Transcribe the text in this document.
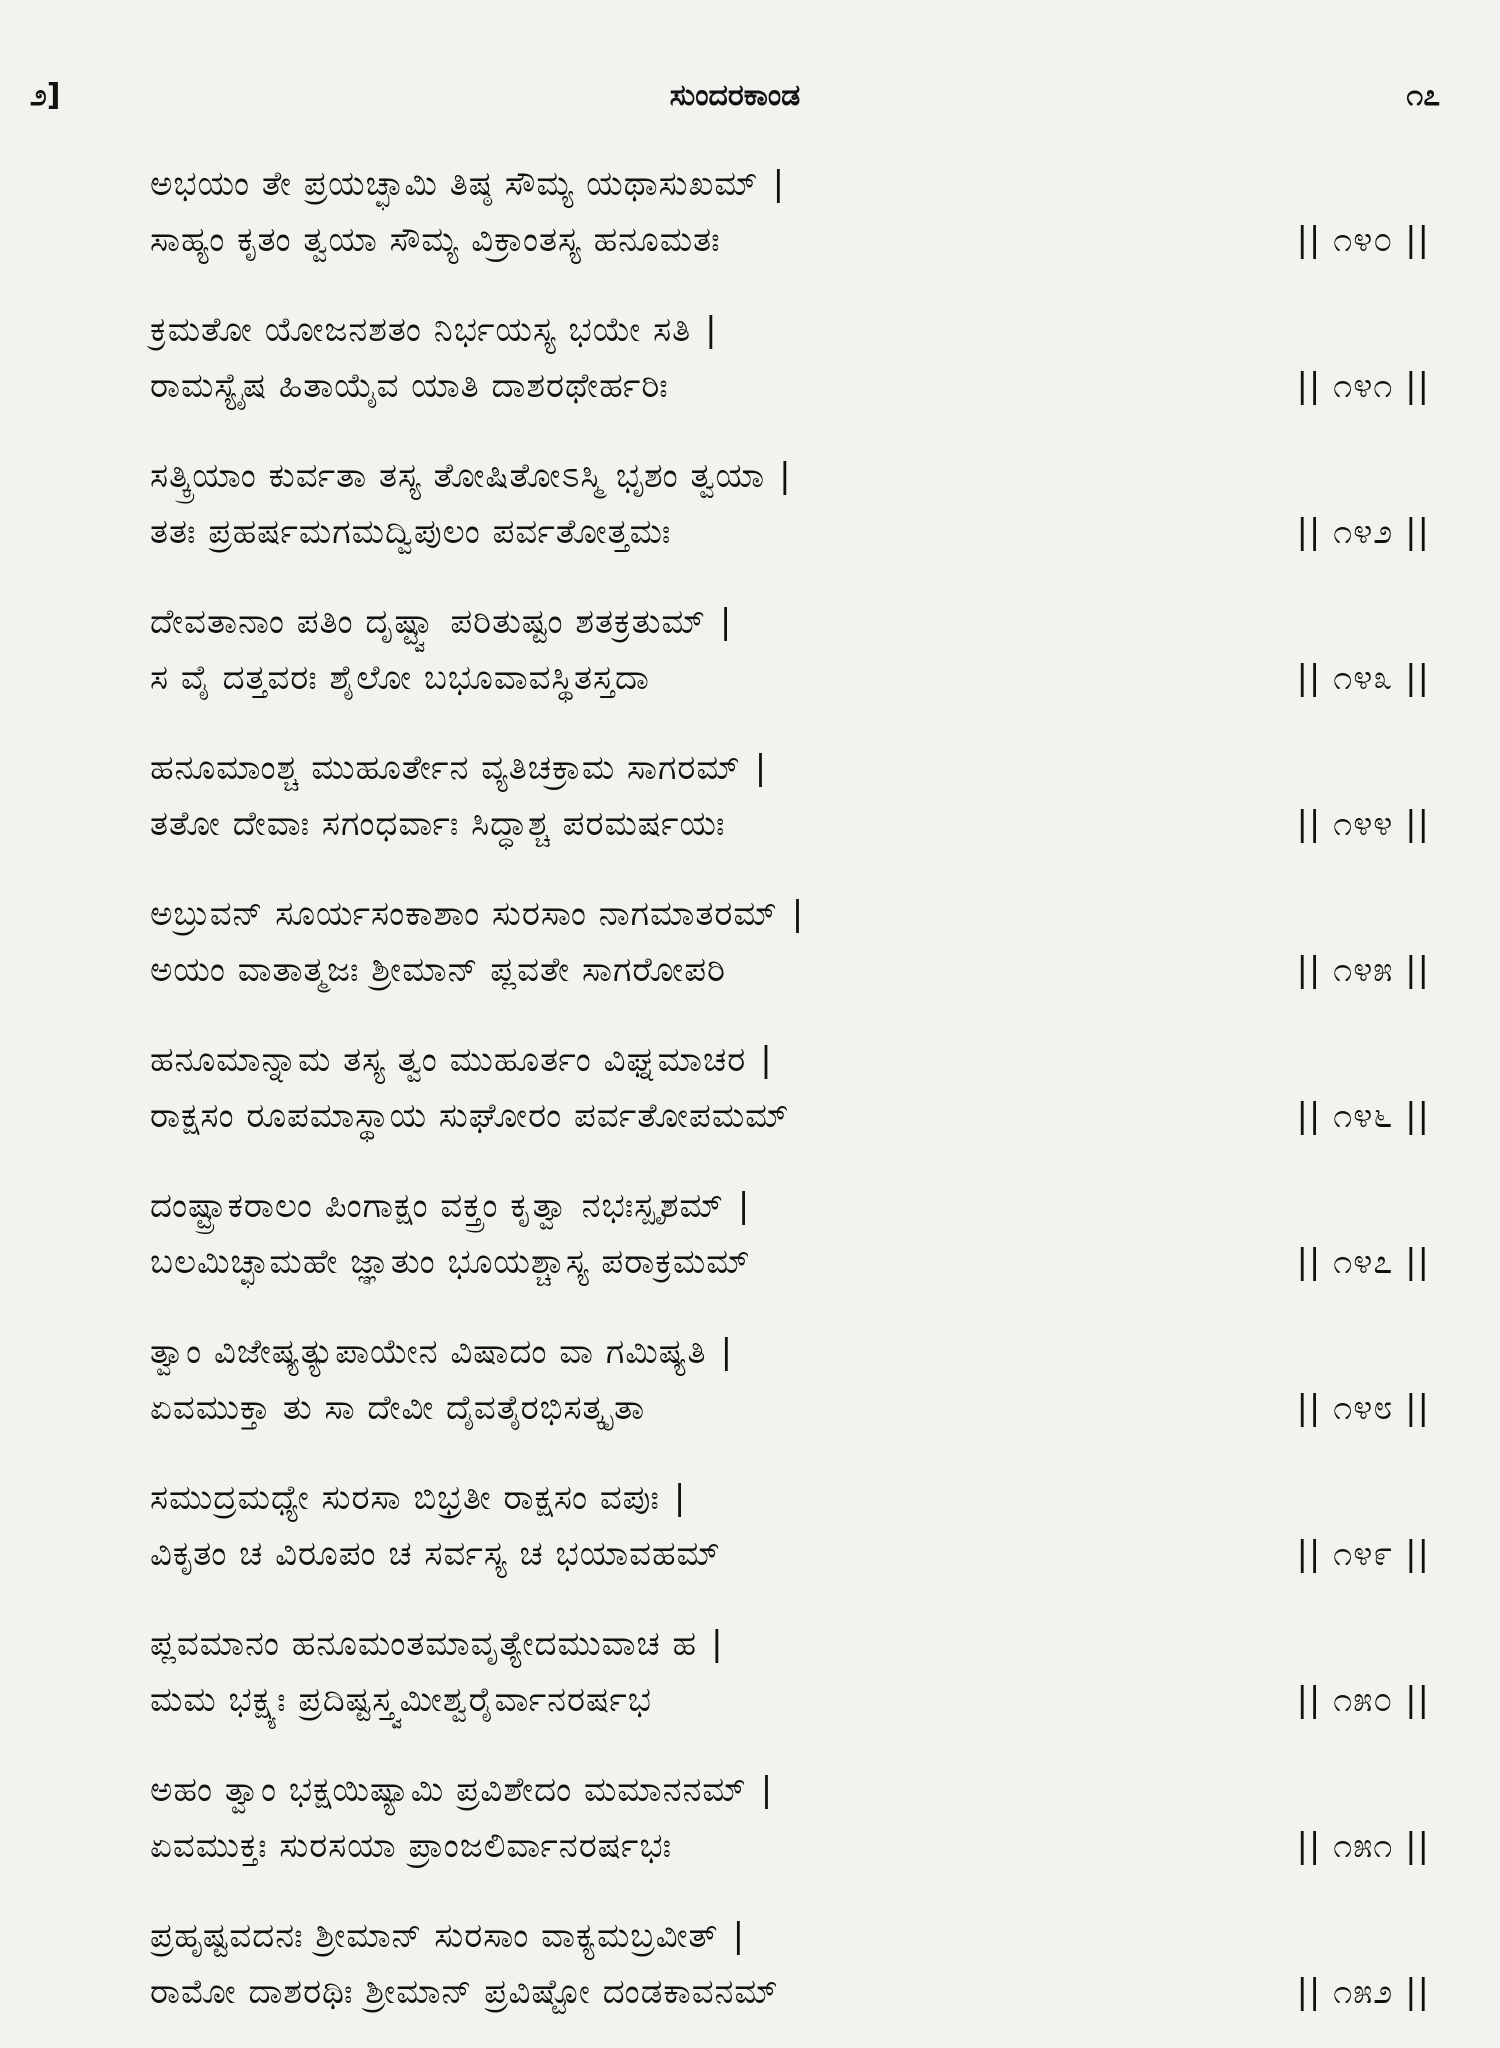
೨]	ಸುಂದರಕಾಂಡ	೧೭
ಅಭಯಂ ತೇ ಪ್ರಯಚ್ಛಾಮಿ ತಿಷ್ಠ ಸೌಮ್ಯ ಯಥಾಸುಖಮ್ |
ಸಾಹ್ಯಂ ಕೃತಂ ತ್ವಯಾ ಸೌಮ್ಯ ವಿಕ್ರಾಂತಸ್ಯ ಹನೂಮತಃ	|| ೧೪೦ ||
ಕ್ರಮತೋ ಯೋಜನಶತಂ ನಿರ್ಭಯಸ್ಯ ಭಯೇ ಸತಿ |
ರಾಮಸ್ಯೈಷ ಹಿತಾಯೈವ ಯಾತಿ ದಾಶರಥೇರ್ಹರಿಃ	|| ೧೪೧ ||
ಸತ್ಕ್ರಿಯಾಂ ಕುರ್ವತಾ ತಸ್ಯ ತೋಷಿತೋಽಸ್ಮಿ ಭೃಶಂ ತ್ವಯಾ |
ತತಃ ಪ್ರಹರ್ಷಮಗಮದ್ವಿಪುಲಂ ಪರ್ವತೋತ್ತಮಃ	|| ೧೪೨ ||
ದೇವತಾನಾಂ ಪತಿಂ ದೃಷ್ಟ್ವಾ ಪರಿತುಷ್ಟಂ ಶತಕ್ರತುಮ್ |
ಸ ವೈ ದತ್ತವರಃ ಶೈಲೋ ಬಭೂವಾವಸ್ಥಿತಸ್ತದಾ	|| ೧೪೩ ||
ಹನೂಮಾಂಶ್ಚ ಮುಹೂರ್ತೇನ ವ್ಯತಿಚಕ್ರಾಮ ಸಾಗರಮ್ |
ತತೋ ದೇವಾಃ ಸಗಂಧರ್ವಾಃ ಸಿದ್ಧಾಶ್ಚ ಪರಮರ್ಷಯಃ	|| ೧೪೪ ||
ಅಬ್ರುವನ್ ಸೂರ್ಯಸಂಕಾಶಾಂ ಸುರಸಾಂ ನಾಗಮಾತರಮ್ |
ಅಯಂ ವಾತಾತ್ಮಜಃ ಶ್ರೀಮಾನ್ ಪ್ಲವತೇ ಸಾಗರೋಪರಿ	|| ೧೪೫ ||
ಹನೂಮಾನ್ನಾಮ ತಸ್ಯ ತ್ವಂ ಮುಹೂರ್ತಂ ವಿಘ್ನಮಾಚರ |
ರಾಕ್ಷಸಂ ರೂಪಮಾಸ್ಥಾಯ ಸುಘೋರಂ ಪರ್ವತೋಪಮಮ್	|| ೧೪೬ ||
ದಂಷ್ಟ್ರಾಕರಾಲಂ ಪಿಂಗಾಕ್ಷಂ ವಕ್ತ್ರಂ ಕೃತ್ವಾ ನಭಃಸ್ಪೃಶಮ್ |
ಬಲಮಿಚ್ಛಾಮಹೇ ಜ್ಞಾತುಂ ಭೂಯಶ್ಚಾಸ್ಯ ಪರಾಕ್ರಮಮ್	|| ೧೪೭ ||
ತ್ವಾಂ ವಿಜೇಷ್ಯತ್ಯುಪಾಯೇನ ವಿಷಾದಂ ವಾ ಗಮಿಷ್ಯತಿ |
ಏವಮುಕ್ತಾ ತು ಸಾ ದೇವೀ ದೈವತೈರಭಿಸತ್ಕೃತಾ	|| ೧೪೮ ||
ಸಮುದ್ರಮಧ್ಯೇ ಸುರಸಾ ಬಿಭ್ರತೀ ರಾಕ್ಷಸಂ ವಪುಃ |
ವಿಕೃತಂ ಚ ವಿರೂಪಂ ಚ ಸರ್ವಸ್ಯ ಚ ಭಯಾವಹಮ್	|| ೧೪೯ ||
ಪ್ಲವಮಾನಂ ಹನೂಮಂತಮಾವೃತ್ಯೇದಮುವಾಚ ಹ |
ಮಮ ಭಕ್ಷ್ಯಃ ಪ್ರದಿಷ್ಟಸ್ತ್ವಮೀಶ್ವರೈರ್ವಾನರರ್ಷಭ	|| ೧೫೦ ||
ಅಹಂ ತ್ವಾಂ ಭಕ್ಷಯಿಷ್ಯಾಮಿ ಪ್ರವಿಶೇದಂ ಮಮಾನನಮ್ |
ಏವಮುಕ್ತಃ ಸುರಸಯಾ ಪ್ರಾಂಜಲಿರ್ವಾನರರ್ಷಭಃ	|| ೧೫೧ ||
ಪ್ರಹೃಷ್ಟವದನಃ ಶ್ರೀಮಾನ್ ಸುರಸಾಂ ವಾಕ್ಯಮಬ್ರವೀತ್ |
ರಾಮೋ ದಾಶರಥಿಃ ಶ್ರೀಮಾನ್ ಪ್ರವಿಷ್ಟೋ ದಂಡಕಾವನಮ್	|| ೧೫೨ ||
